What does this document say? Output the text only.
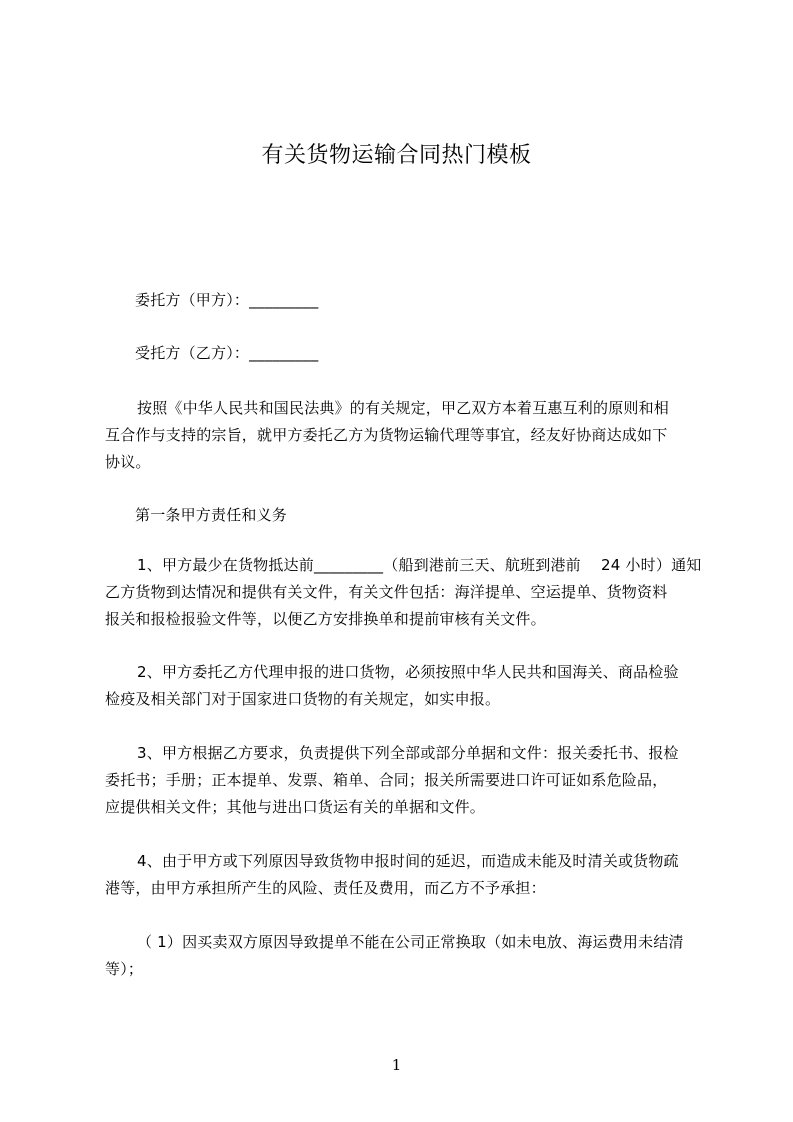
有关货物运输合同热门模板
委托方（甲方）：_________
受托方（乙方）：_________
按照《中华人民共和国民法典》的有关规定，甲乙双方本着互惠互利的原则和相
互合作与支持的宗旨，就甲方委托乙方为货物运输代理等事宜，经友好协商达成如下
协议。
第一条甲方责任和义务
1、甲方最少在货物抵达前_________（船到港前三天、航班到港前　 24 小时）通知
乙方货物到达情况和提供有关文件，有关文件包括：海洋提单、空运提单、货物资料
报关和报检报验文件等，以便乙方安排换单和提前审核有关文件。
2、甲方委托乙方代理申报的进口货物，必须按照中华人民共和国海关、商品检验
检疫及相关部门对于国家进口货物的有关规定，如实申报。
3、甲方根据乙方要求，负责提供下列全部或部分单据和文件：报关委托书、报检
委托书；手册；正本提单、发票、箱单、合同；报关所需要进口许可证如系危险品，
应提供相关文件；其他与进出口货运有关的单据和文件。
4、由于甲方或下列原因导致货物申报时间的延迟，而造成未能及时清关或货物疏
港等，由甲方承担所产生的风险、责任及费用，而乙方不予承担：
（ 1）因买卖双方原因导致提单不能在公司正常换取（如未电放、海运费用未结清
等）；
1
